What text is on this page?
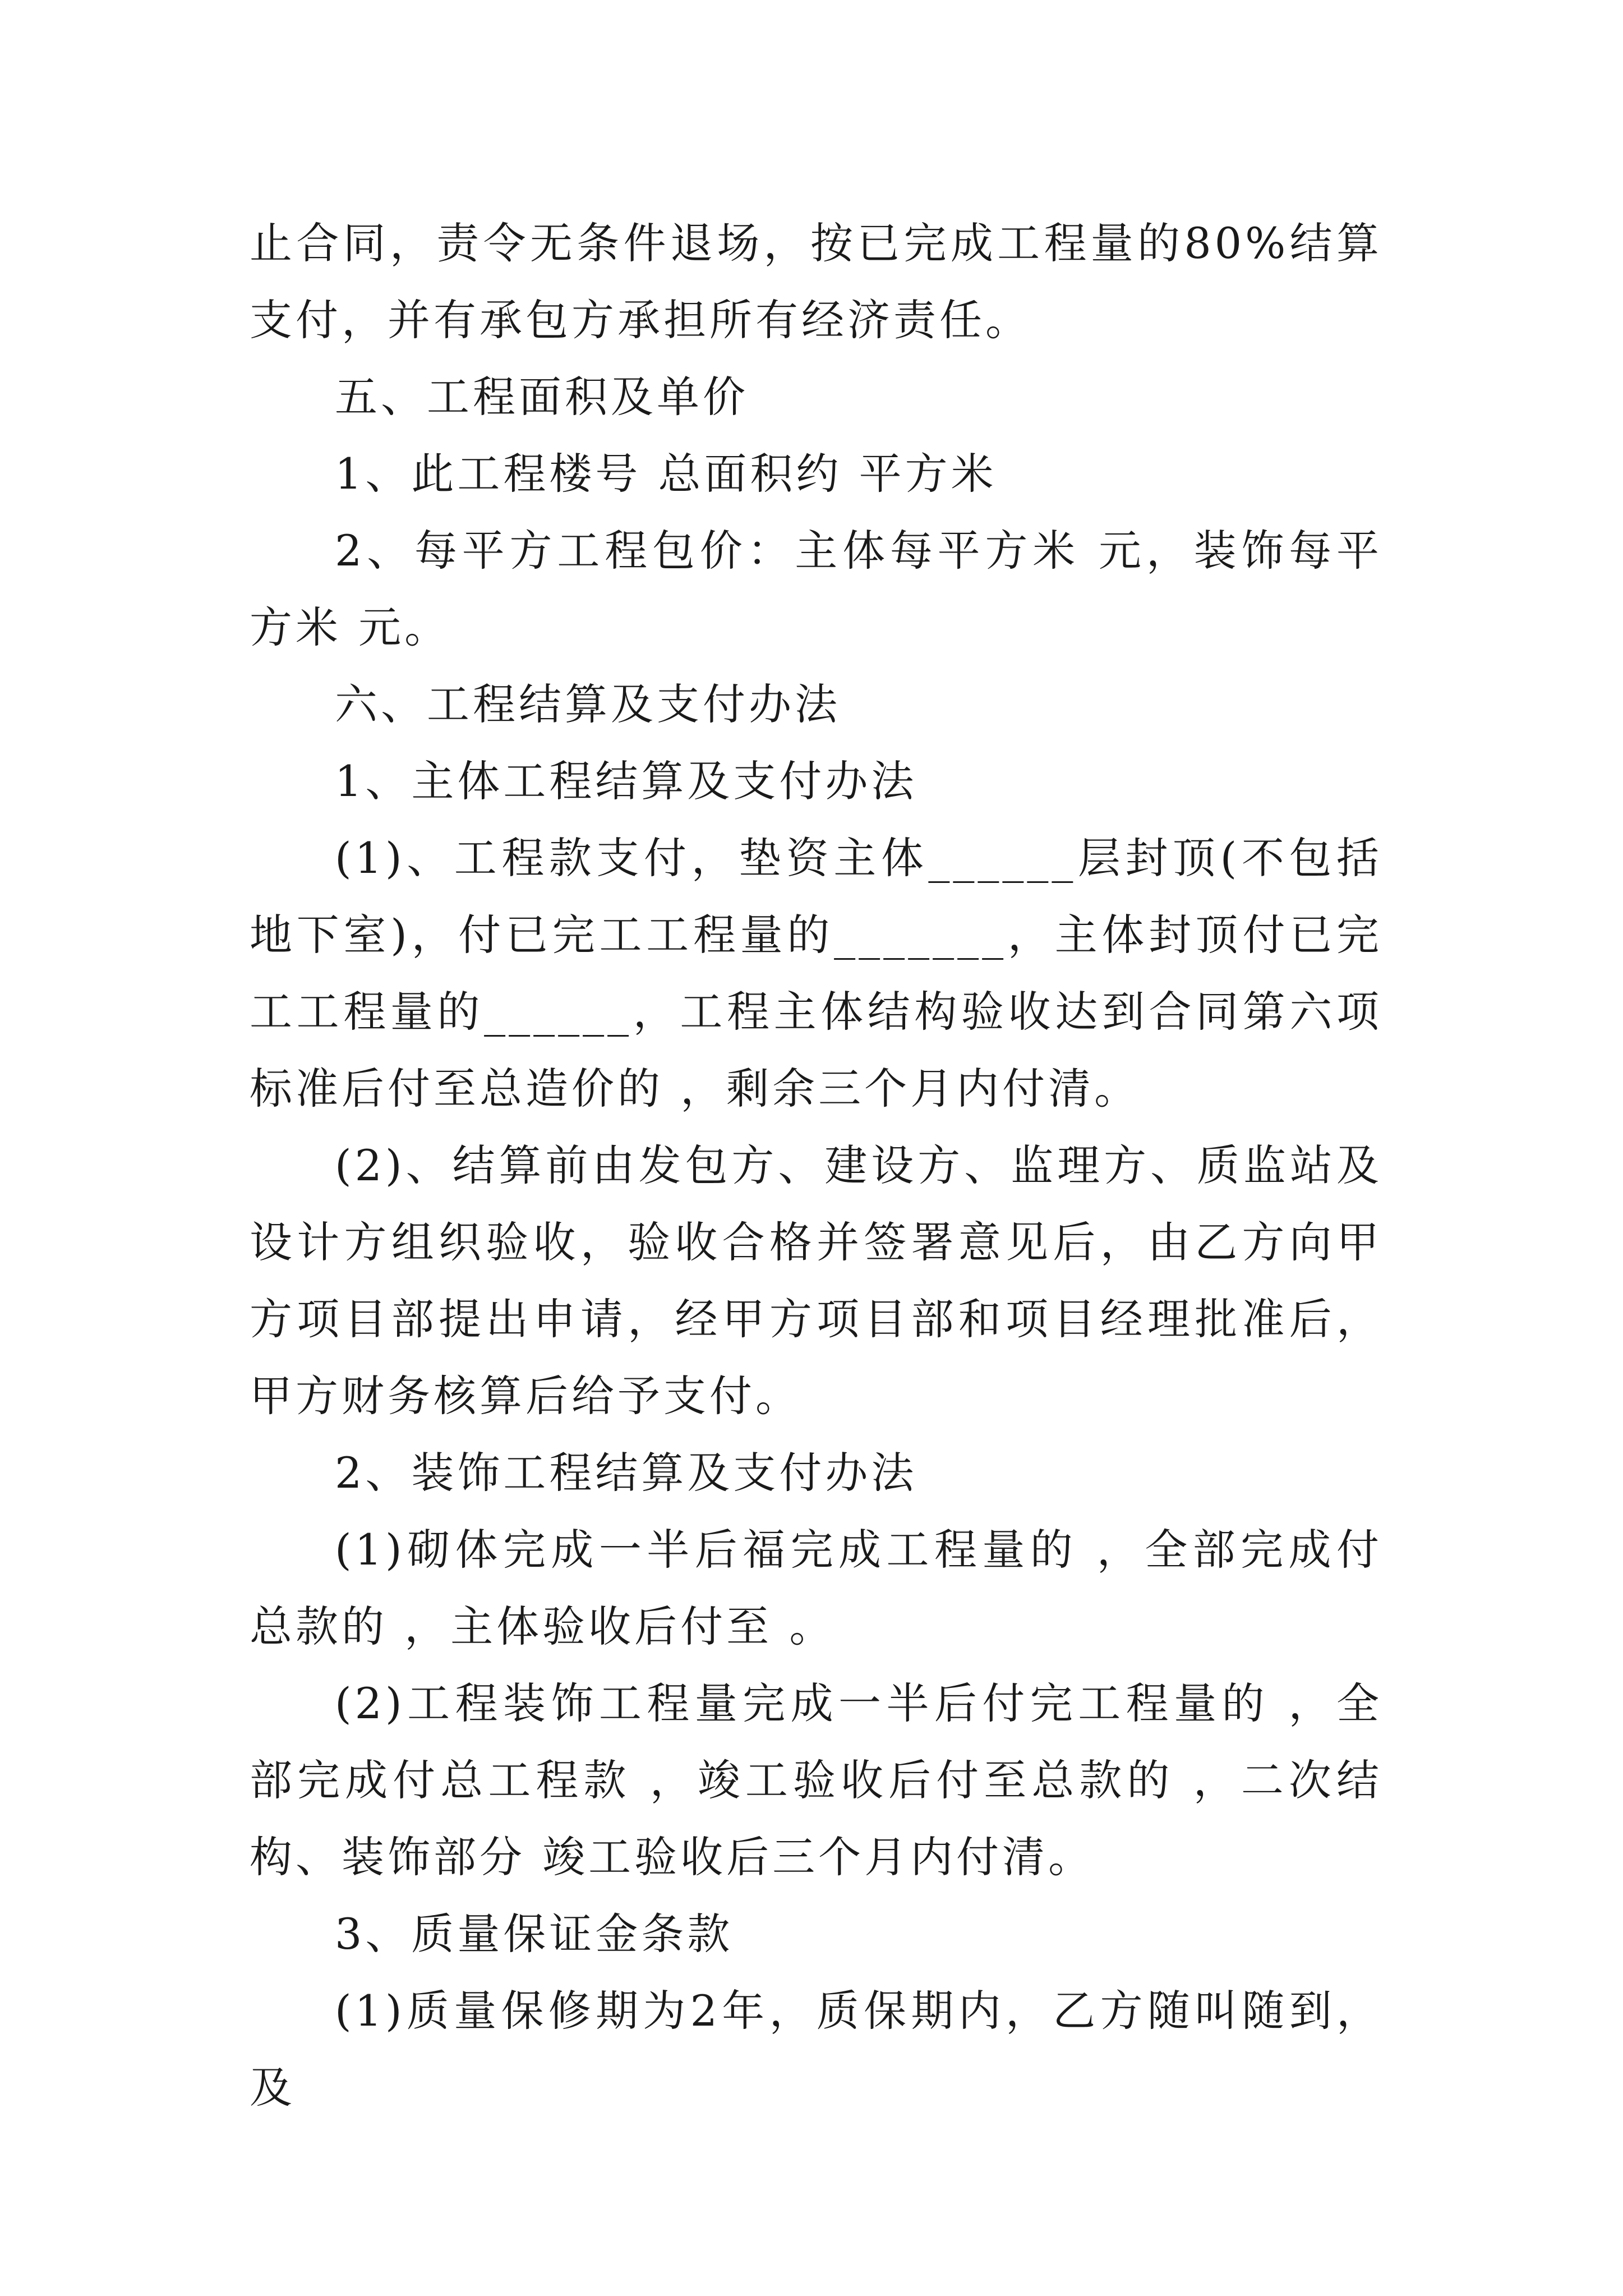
止合同，责令无条件退场，按已完成工程量的80%结算支付，并有承包方承担所有经济责任。

五、工程面积及单价

1、此工程楼号 总面积约 平方米

2、每平方工程包价：主体每平方米 元，装饰每平方米 元。

六、工程结算及支付办法

1、主体工程结算及支付办法

(1)、工程款支付，垫资主体______层封顶(不包括地下室)，付已完工工程量的_______，主体封顶付已完工工程量的______，工程主体结构验收达到合同第六项标准后付至总造价的 ，剩余三个月内付清。

(2)、结算前由发包方、建设方、监理方、质监站及设计方组织验收，验收合格并签署意见后，由乙方向甲方项目部提出申请，经甲方项目部和项目经理批准后，甲方财务核算后给予支付。

2、装饰工程结算及支付办法

(1)砌体完成一半后福完成工程量的 ，全部完成付总款的 ，主体验收后付至 。

(2)工程装饰工程量完成一半后付完工程量的 ，全部完成付总工程款 ，竣工验收后付至总款的 ，二次结构、装饰部分 竣工验收后三个月内付清。

3、质量保证金条款

(1)质量保修期为2年，质保期内，乙方随叫随到，及
